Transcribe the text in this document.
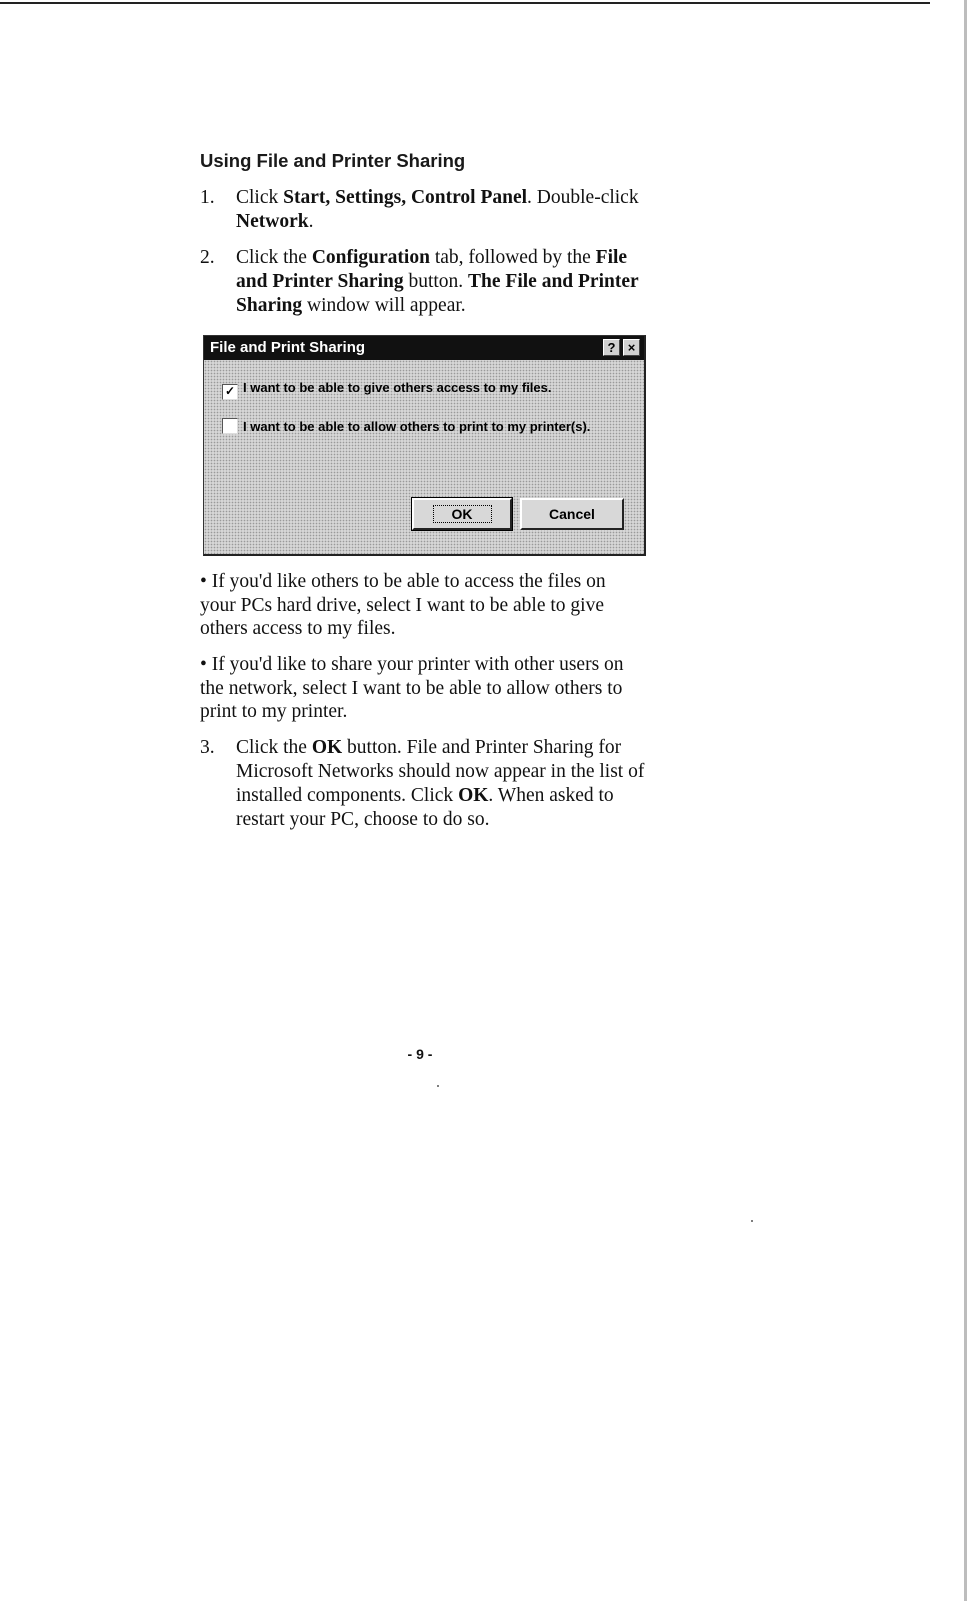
Using File and Printer Sharing
1. Click Start, Settings, Control Panel. Double-click Network.
2. Click the Configuration tab, followed by the File and Printer Sharing button. The File and Printer Sharing window will appear.
File and Print Sharing	? ×
✓ I want to be able to give others access to my files.
I want to be able to allow others to print to my printer(s).
OK	Cancel

• If you'd like others to be able to access the files on your PCs hard drive, select I want to be able to give others access to my files.

• If you'd like to share your printer with other users on the network, select I want to be able to allow others to print to my printer.

3. Click the OK button. File and Printer Sharing for Microsoft Networks should now appear in the list of installed components. Click OK. When asked to restart your PC, choose to do so.
- 9 -
